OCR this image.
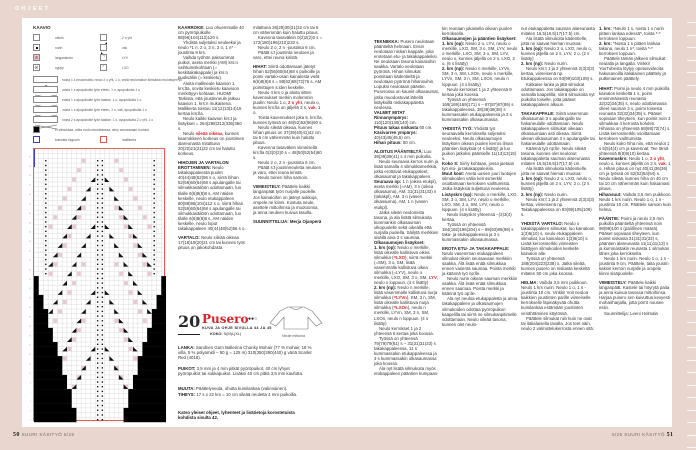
OHJEET
KAAVIO
oikein	2 o yht
nurin	vak
langankierto	⌝	LYV
⊗	nyppy	⌜	LXO
nosta 1 s neulomatta, neulo 2 o yht, 1 o, vedä neulomaton silmukka neulottujen yli
nosta 1 s apupuikolle työn eteen, 1 o, apupuikolta 1 o
nosta 1 s apupuikolle työn taakse, 1 o, apupuikolta 1 o
nosta 1 s apupuikolle työn eteen, 1 o, vak, apupuikolta 1 o
nosta 2 s apupuikolle työn taakse, 1 o, apupuikolta 2 o yht, 1 o
ei silmukkaa, ohita ruutu neulottaessa, siirry seuraavaan ruutuun
kokoista riippuen	mallikerta
1
3
5
7
9
11
13
15
17
19
21
23
25
27
29
31
33
35
37
39
41
43
45
47
49
51
53
55
57

KAARROKE: Luo ohuemmalle 40 cm pyöröpuikolle 88(96)104(112)120 s.

Yhdistä suljetuksi neuleeksi ja neulo *1 n, 2 o, 2 n, 2 o, 1 n* -joustinta 8 krs.

Vaihda työhön paksummat puikot, aseta merkki (AM) krs:n vaihtumiskohtaan (= keskitakakappale) ja krs:n puoliväliin (= keskietu).

Aloita mallineule kaavion 1. krs:lta, sovita keskietu kaavioon merkittyyn kohtaan. HUOM! Tarkista, että joustinneule jatkuu kaavion 1. krs:n mukaisena. Mallikerta toistuu 11(12)13(14)15 kertaa krs:lla.

Neulo kaikki kaavion krs:t ja lisäykset = 264(288)312(336)360 s.

Neulo sileää oikeaa, kunnes kaarrokkeen korkeus on joustimen alareunasta mitattuna 20(20)21(21)22 cm tai haluttu korkeus.

HIHOJEN JA VARTALON EROTTAMINEN: Neulo takakappaleesta puolet 40(44)48(52)56 s o, siirrä hihan 52(56)60(64)68 s apulangalle tai silmukkasäilöön odottamaan, luo tilalle 6(6)8(8)8 s, AM näiden keskelle, neulo etukappaleen 80(88)96(104)112 s o, siirrä hihan 52(56)60(64)68 s apulangalle tai silmukkasäilöön odottamaan, luo tilalle 6(6)8(8)8 s, AM näiden keskelle, neulo loput takakappaleen 40(44)48(52)56 s o.

VARTALO: Neulo sileää oikeaa 17(18)19(20)21 cm tai kunnes työn pituus on jakokohdasta

mitattuna 28(29)30(31)32 cm tai 6 cm vähemmän kuin haluttu pituus.

Kavenna tasavälein 0(2)2(2)0 s = 172(180)196(210)232 s.

Neulo 2 o, 2 n -joustinta 6 cm.

Päätä s:t joustinta neuloen ja varo, ettei reuna kiristä.

HIHAT: Siirrä odottamaan jätetyt hihan 52(56)60(64)68 s puikoille ja poimi vartalo-osan kainalosta vielä 6(6)8(8)8 s = 58(62)68(72)76 s, AM poimittujen s:iden keskelle.

Neulo 4 krs o ja aloita sitten kavennukset merkin molemmin puolin: Neulo 1 o, 2 o yht, neulo o, kunnes krs:lla on jäljellä 3 s, vak, 1 o.

Toista kavennukset joka 5. krs:lla, kunnes työssä on 48(52)52(56)60 s.

Neulo sileää oikeaa, kunnes hihan pituus on 37(39)40(41)42 cm tai 6 cm vähemmän kuin haluttu pituus.

Kavenna tasavälein viimeisellä krs:lla 0(2)0(2)0 s = 48(50)52(54)60 s.

Neulo 2 o, 2 n -joustinta 6 cm.

Päätä s:t joustinneuletta neuloen ja varo, ettei reuna kiristä.

Neulo toinen hiha samoin.

VIIMEISTELY: Päättele kaikki langanpäät työn nurjalle puolelle. Jos kainaloihin on jäänyt aukkoja, ompele ne kiinni. Kostuta neule, asettele mittoihinsa ja muotoonsa, ja anna neuleen kuivua tasolla.

SUUNNITTELIJA: Merja Ojanperä

20 Pusero ●●○
KUVA JA OHJE SIVULLA 44 JA 45
KOKO: S(M)L(XL)	Neule mittoina

LANKA: Sandnes Garn Ballerina Chunky Mohair (77 % mohair, 18 % villa, 5 % polyamidi – 50 g = 125 m) 310(350)390(440) g väriä Scarlet Red (4018).

PUIKOT: 3,5 mm ja 4 mm pitkät pyöröpuikot, 40 cm lyhyet pyöröpuikot tai sukkapuikot. Lisäksi 40 cm pitkä 3,5 mm kaufotta.

MUUTA: Päättelyneula, ohutta kumilankaa (valinnainen).

TIHEYS: 17 s x 22 krs = 10 cm sileää neuletta 4 mm puikoilla.

Katso yleiset ohjeet, lyhenteet ja lisätietoja korostetuista kohdista sivulta 42.

TEKNIIKKA: Pusero neulotaan pääntieltä helmaan. Ensin neulotaan niskan kappale, joka erotetaan etu- ja takakappaleiksi. Ne neulotaan tasona kainaloihin saakka. Vartalo neulotaan pyörönä. Hihan silmukat poimitaan kädentieltä ja neulotaan pyörönä hihansuihin. Lopuksi neulotaan pääntie. Puserossa on kauniit olkasaumat, jotka muodostuvat lähellä lisäyksillä niskakappaletta neulessa.

VALMIIT MITAT

Rinnanympärys: 110(120)130(140) cm.

Pituus takaa niskasta 60 cm.

Käsivarren ympärys: 40(43)45(46,5) cm.

Hihan pituus: 50 cm.

ALOITUS PÄÄNTIELTÄ: Luo 39(39)39(41) s 4 mm puikolla.

Neulo seuraava kerros nurin ja lisää samalla 4 silmukkamerkkiä, jotka erottavat etukappaleet, olkasaumat ja takakappaleen.

Seuraava np: 1 n (oikea etukpl), aseta merkki (=AM), 3 n (oikea olkasauma), AM, 31(31)31(33) n (takakpl), AM, 3 n (vasen olkasauma), AM, 1 n (vasen etukpl).

Jatka sileän neulomista tasona, ja ala lisätä silmukoita kummankin olkasauman ulkopuolelle sekä oikealla että nurjalla puolella. Säilytä merkkien sisällä aina 3 s saumaa.

Olkasaumojen lisäykset:

1. krs (op): Neulo o merkille, lisää oikealle kallistuva oikea silmukka (=LXO), siirrä merkki (=SM), 3 o, SM, lisää vasemmalle kallistuva oikea silmukka (=LYV), neulo o merkille, LXO, SM, 3 o, SM, LYV, neulo o loppuun. (4 s lisätty)

2. krs (np): Neulo n merkille, lisää vasemmalle kallistuva nurja silmukka (=LYVn), SM, 3 n, SM, lisää oikealle kallistuva nurja silmukka (=LXOn), neulo n merkille, LYVn, SM, 3 n, SM, LXOn, neulo n loppuun. (4 s lisätty)

Neulo kerrokset 1 ja 2 yhteensä 5 kertaa joka koossa.

Työssä on yhteensä 79(79)79(81) s – 31(31)31(33) s takakappaleessa, 11 s kummassakin etukappaleessa ja 3 s kummassakin olkasaumassa joka koossa.

Ala nyt lisätä silmukoita myös etukappaleen pääntien kumpaan-

kin reunaan jokaisella oikean puolen kerroksella.

Olkasaumojen ja pääntien lisäykset:

1. krs (op): Neulo 2 o, LYV, neulo o merkille, LXO, SM, 3 o, SM, LYV, neulo o merkille, LXO, SM, 3 o, SM, LYV, neulo o, kunnes jäljellä on 2 s, LXO, 2 o. (6 s lisätty)

2. krs (np): Neulo n merkille, LYVn, SM, 3 n, SM, LXOn, neulo n merkille, LYVn, SM, 3 n, SM, LXOn, neulo n loppuun. (4 s lisätty)

Neulo kerrokset 1 ja 2 yhteensä 9 kertaa joka koossa.

Työssä on yhteensä 169(169)169(171) s – 87(87)87(89) s takakappaleessa, 38(38)38(38) s kummassakin etukappaleessa ja 3 s kummassakin olkasaumassa.

YHDISTÄ TYÖ: Yhdistä työ seuraavalla kerroksella suljetuksi neuleeksi. Neulo olkasaumojen lisäyksen oikean puolen kerros ilman pääntien lisäyksiä (4 s lisätty) ja luo puikon jatkoksi pääntielle 11(13)13(15) s.

Koko S: Siirry kohtaan, jossa jaetaan työ etu- ja takakappaleisiin.

Muut koot: Aseta uusien juuri luotujen silmukoiden väliin kerrosmerkki osoittamaan kerroksen vaihtumista. Jatka lisäyksiä suljettuna neuleena.

Lisäyskrs (op): Neulo o merkille, LXO, SM, 3 o, SM, LYV, neulo o merkille, LXO, SM, 3 o, SM, LYV, neulo o loppuun. (4 s lisätty)

Neulo lisäyskrs yhteensä –(2)3(4) kertaa.

Työssä on yhteensä 184(192)196(204) s – 89(93)95(99) s taka- ja etukappaleessa ja 3 s kummassakin olkasaumassa.

EROTA ETU- JA TAKAKAPPALE: Neulo vasemman etukappaleen silmukat oikein seuraavaan merkkiin saakka. Älä lisää enää silmukkaa ennen vasenta saumaa. Poista merkki ja käännä työ np:lle.

Neulo nurin oikean sauman merkkiin saakka. Älä lisää enää silmukkaa ennen saumaa. Poista merkki ja käännä työ op:lle.

Ala nyt neuloa etukappaletta ja anna takakappaleen ja olkasaumojen silmukoiden odottaa pyöröpuikon kaapelilla tai siirrä ne silmukanpitimelle odottamaan. Neulo sileää tasona, kunnes olet neulo-

nut etukappaletta sauman alareunasta mitaten 16,5(16,5)17(17,5) cm.

Ala lisätä silmukoita kädentielle, jotta ne saavat hieman muotoa:

1. krs (op): Neulo 2 o, LXO, neulo o, kunnes jäljellä on 2 s, LYV, 2 o. (2 s lisätty)

2. krs (np): Neulo nurin.

Neulo krs:t 1 ja 2 yhteensä 2(3)3(3) kertaa, viimeisenä np. Etukappaleessa on 93(99)103(109) s.

Katkaise lanka ja jätä silmukat odottamaan. Jos takakappale on samalla kaapelilla, siirrä silmukoita nyt puikolta toiselle, jotta pääset takakappaleen alkuun.

TAKAKAPPALE: Siirrä vasemman olkasauman 3 s apulangalle tai hakaneulalle odottamaan. Neulo takakappaleen silmukat oikeaan olkasaumaan asti oikeaa. Siirrä oikean olkasauman 3 s apulangalle tai hakaneulalle odottamaan.

Käännä työ np:lle. Neulo sileää tasona, kunnes olet neulonut takakappaletta sauman alareunasta mitaten 16,5(16,5)17(17,5) cm.

Ala lisätä silmukoita kädentielle, jotta ne saavat hieman muotoa:

1. krs (op): Neulo 2 o, LXO, neulo o, kunnes jäljellä on 2 s, LYV, 2 o. (2 s lisätty)

2. krs (np): Neulo nurin.

Neulo krs:t 1 ja 2 yhteensä 2(3)3(3) kertaa, viimeisenä np. Takakappaleessa on 93(99)105(109) s.

YHDISTÄ VARTALO: Neulo o takakappaleen silmukat, luo kainaloon 1(3)6(10) s, neulo etukappaleen silmukat, luo kainaloon 1(3)6(10) s. Lisää kerrosmerkki viimeisten lisättyjen silmukoiden keskelle kainalon alle.

Työssä on yhteensä 188(204)223(238) s. Jatka sileää, kunnes pusero on niskasta keskeltä mitaten 50 cm joka koossa.

HELMA: Vaihda 3,5 mm puikkoon. Neulo 1 krs nurin. Neulo 1 o, 1 n -joustinta 10 cm. Vinkki! Voit neuloa kaikkien joustinten parille viimeiselle kerrokselle läpinäkyvää ohutta kumilankaa estämään joustinten venähtäminen käytössä.

Päättele silmukat niin kuin ne ovat tai italialaisella tavalla. Jos teet näin, neulo 2 valmistelukerrosta ennen sitä:

1. krs: *Neulo 1 s, nosta 1 s nurin pitäen lankaa edessä*, toista *-* kerroksen loppuun.

2. krs: *Nosta 1 s pitäen lankaa takana, neulo 1 n*, toista *-* kerroksen loppuun.

Päättele tämän jälkeen silmukat neulalla ja langalla. Vinkki! YouTubesta löytyy opetusvideoita hakusanoilla italialainen päättely ja putkimainen päättely.

HIHAT: Poimi ja neulo 4 mm puikolla kainalon keskeltä 1 s, poimi ensimmäisestä reunasta 32(32)34(35) s, neulo odottamassa olleet sauman 3 s, poimi toisesta reunasta 32(32)34(35) s. Pääset sopivaan tiheyteen, kun poimit noin 3 silmukkaa 4 kerrosta kohden. Hihassa on yhteensä 68(68)72(74) s. Lisää kerrosmerkki osoittamaan kerroksen vaihtumista.

Neulo koko hiha niin, että neulot 1 s 5(5)4(4) cm ja kavennat. Tee tämä yhteensä 8(8)9(10) kertaa.

Kavennuskrs: Neulo 1 o, 2 o yht, neulo o, kunnes jäljellä on 2 s, vak, 1 o. Hihan pituus on nyt 40(41)36(36) cm ja työssä on 52(52)54(54) s. Neulo sileää, kunnes hiha on 40 cm tai 10 cm vähemmän kuin haluamasi pituus.

Hihansuut: Vaihda 3,5 mm puikkoon. Neulo 1 krs nurin. Neulo 1 o, 1 n -joustinta 10 cm. Päättele samoin kuin helma.

PÄÄNTIE: Poimi ja neulo 3,5 mm puikolla pääntieltä yhteensä noin 98(98)100 s (parillinen määrä). Pääset sopivaan tiheyteen, kun poimit niskasta 31(31)31(33) s, pääntien alareunasta 11(11)11(13) s ja kummastakin reunasta 1 silmukan lähes joka kerrokselta.

Neulo 1 krs nurin. Neulo 1 o, 1 n -joustinta 9 cm. Päättele, taita joustin kaksin kerroin nurjalle ja ompele kiinni sisäpuolelle.

VIIMEISTELY: Päättele kaikki langanpäät. Kastele tai höyrytä paita ja anna kuivua tasossa mittoihinsa. Harjaa pusero sen kuivuttua kevyesti mohairharjalla, jotta pörrö nousee esiin.

Suunnittelija: Leeni Holmala

50 SUURI KÄSITYÖ 5/25	5/25 SUURI KÄSITYÖ 51
